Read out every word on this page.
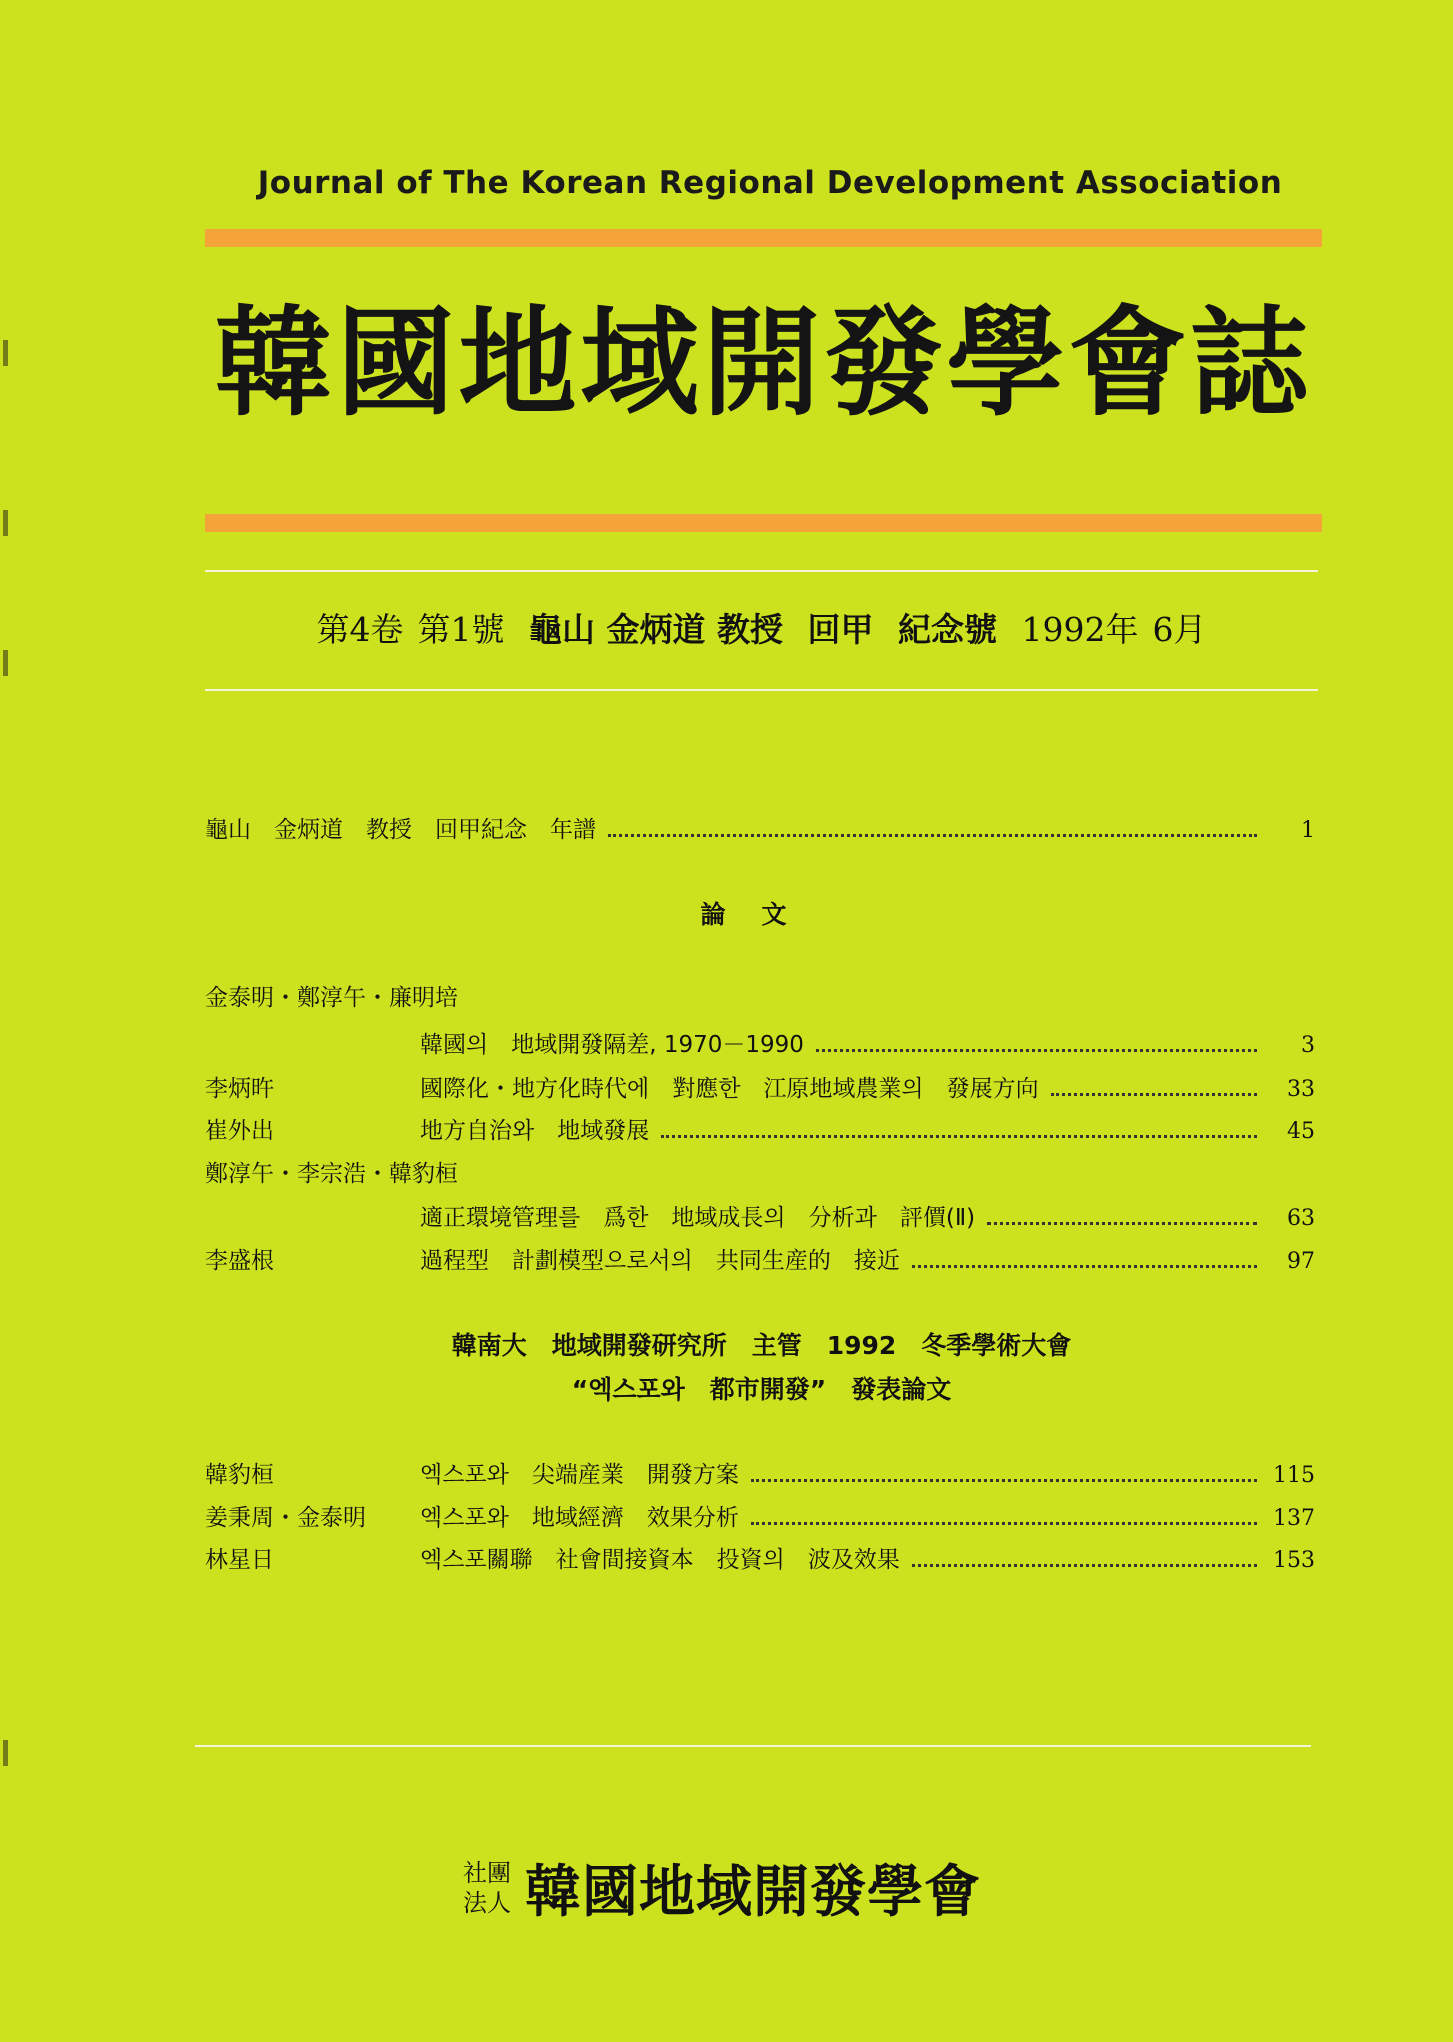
Journal of The Korean Regional Development Association
韓國地域開發學會誌
第4卷 第1號 龜山 金炳道 教授 回甲 紀念號 1992年 6月
龜山　金炳道　教授　回甲紀念　年譜	1
論文
金泰明・鄭淳午・廉明培
韓國의　地域開發隔差, 1970－1990	3
李炳旿	國際化・地方化時代에　對應한　江原地域農業의　發展方向	33
崔外出	地方自治와　地域發展	45
鄭淳午・李宗浩・韓豹桓
適正環境管理를　爲한　地域成長의　分析과　評價(Ⅱ)	63
李盛根	過程型　計劃模型으로서의　共同生産的　接近	97
韓南大　地域開發研究所　主管　1992　冬季學術大會
“엑스포와　都市開發”　發表論文
韓豹桓	엑스포와　尖端産業　開發方案	115
姜秉周・金泰明 엑스포와　地域經濟　效果分析	137
林星日	엑스포關聯　社會間接資本　投資의　波及效果	153
社團
法人 韓國地域開發學會
